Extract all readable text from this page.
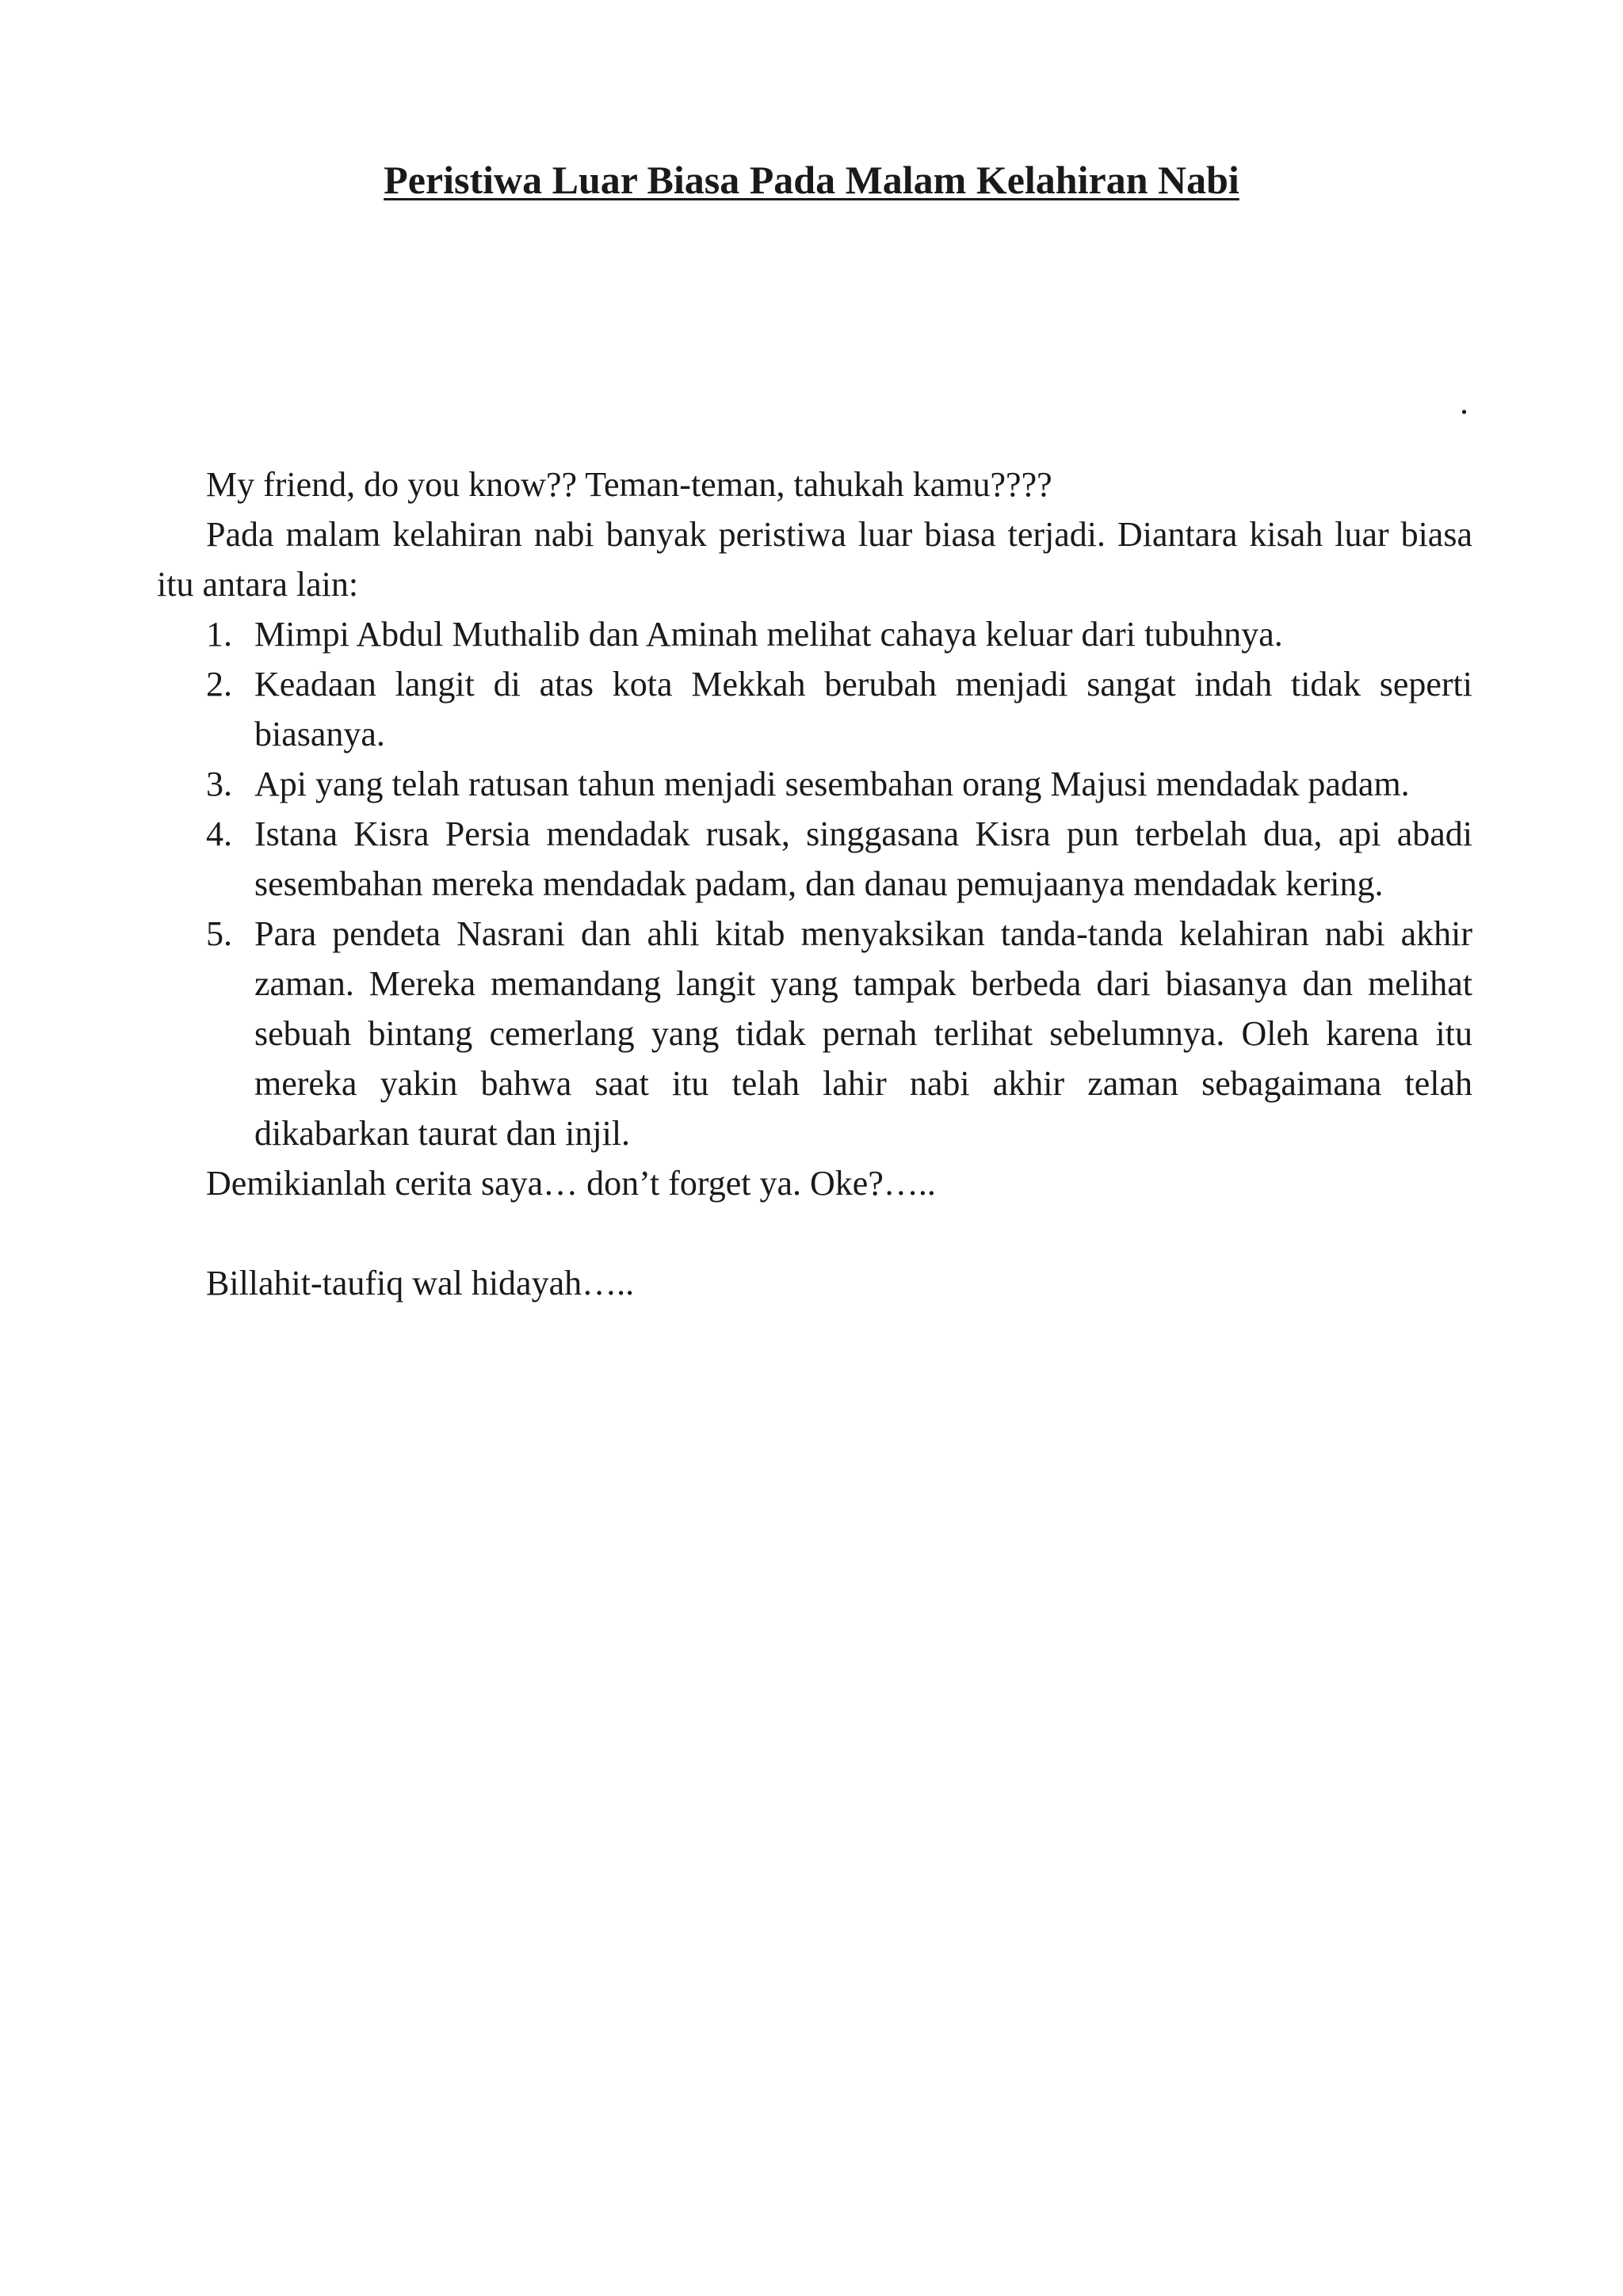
Peristiwa Luar Biasa Pada Malam Kelahiran Nabi
.

My friend, do you know?? Teman-teman, tahukah kamu????

Pada malam kelahiran nabi banyak peristiwa luar biasa terjadi. Diantara kisah luar biasa itu antara lain:

1. Mimpi Abdul Muthalib dan Aminah melihat cahaya keluar dari tubuhnya.
2. Keadaan langit di atas kota Mekkah berubah menjadi sangat indah tidak seperti biasanya.
3. Api yang telah ratusan tahun menjadi sesembahan orang Majusi mendadak padam.
4. Istana Kisra Persia mendadak rusak, singgasana Kisra pun terbelah dua, api abadi sesembahan mereka mendadak padam, dan danau pemujaanya mendadak kering.
5. Para pendeta Nasrani dan ahli kitab menyaksikan tanda-tanda kelahiran nabi akhir zaman. Mereka memandang langit yang tampak berbeda dari biasanya dan melihat sebuah bintang cemerlang yang tidak pernah terlihat sebelumnya. Oleh karena itu mereka yakin bahwa saat itu telah lahir nabi akhir zaman sebagaimana telah dikabarkan taurat dan injil.

Demikianlah cerita saya… don’t forget ya. Oke?…..

Billahit-taufiq wal hidayah…..
